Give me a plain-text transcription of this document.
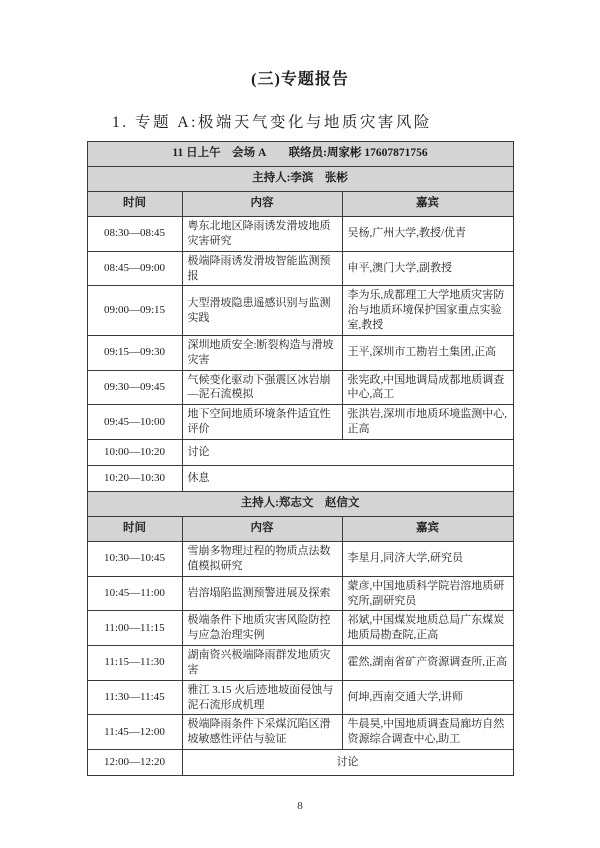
(三)专题报告
1. 专题 A:极端天气变化与地质灾害风险
11 日上午　会场 A　　联络员:周家彬 17607871756		
主持人:李滨　张彬		
时间	内容	嘉宾
08:30—08:45	粤东北地区降雨诱发滑坡地质灾害研究	吴杨,广州大学,教授/优青
08:45—09:00	极端降雨诱发滑坡智能监测预报	申平,澳门大学,副教授
09:00—09:15	大型滑坡隐患遥感识别与监测实践	李为乐,成都理工大学地质灾害防治与地质环境保护国家重点实验室,教授
09:15—09:30	深圳地质安全:断裂构造与滑坡灾害	王平,深圳市工勘岩土集团,正高
09:30—09:45	气候变化驱动下强震区冰岩崩—泥石流模拟	张宪政,中国地调局成都地质调查中心,高工
09:45—10:00	地下空间地质环境条件适宜性评价	张洪岩,深圳市地质环境监测中心,正高
10:00—10:20	讨论	
10:20—10:30	休息	
主持人:郑志文　赵信文		
时间	内容	嘉宾
10:30—10:45	雪崩多物理过程的物质点法数值模拟研究	李星月,同济大学,研究员
10:45—11:00	岩溶塌陷监测预警进展及探索	蒙彦,中国地质科学院岩溶地质研究所,副研究员
11:00—11:15	极端条件下地质灾害风险防控与应急治理实例	祁斌,中国煤炭地质总局广东煤炭地质局勘查院,正高
11:15—11:30	湖南资兴极端降雨群发地质灾害	霍然,湖南省矿产资源调查所,正高
11:30—11:45	雅江 3.15 火后迹地坡面侵蚀与泥石流形成机理	何坤,西南交通大学,讲师
11:45—12:00	极端降雨条件下采煤沉陷区滑坡敏感性评估与验证	牛晨昊,中国地质调查局廊坊自然资源综合调查中心,助工
12:00—12:20	讨论	
8
